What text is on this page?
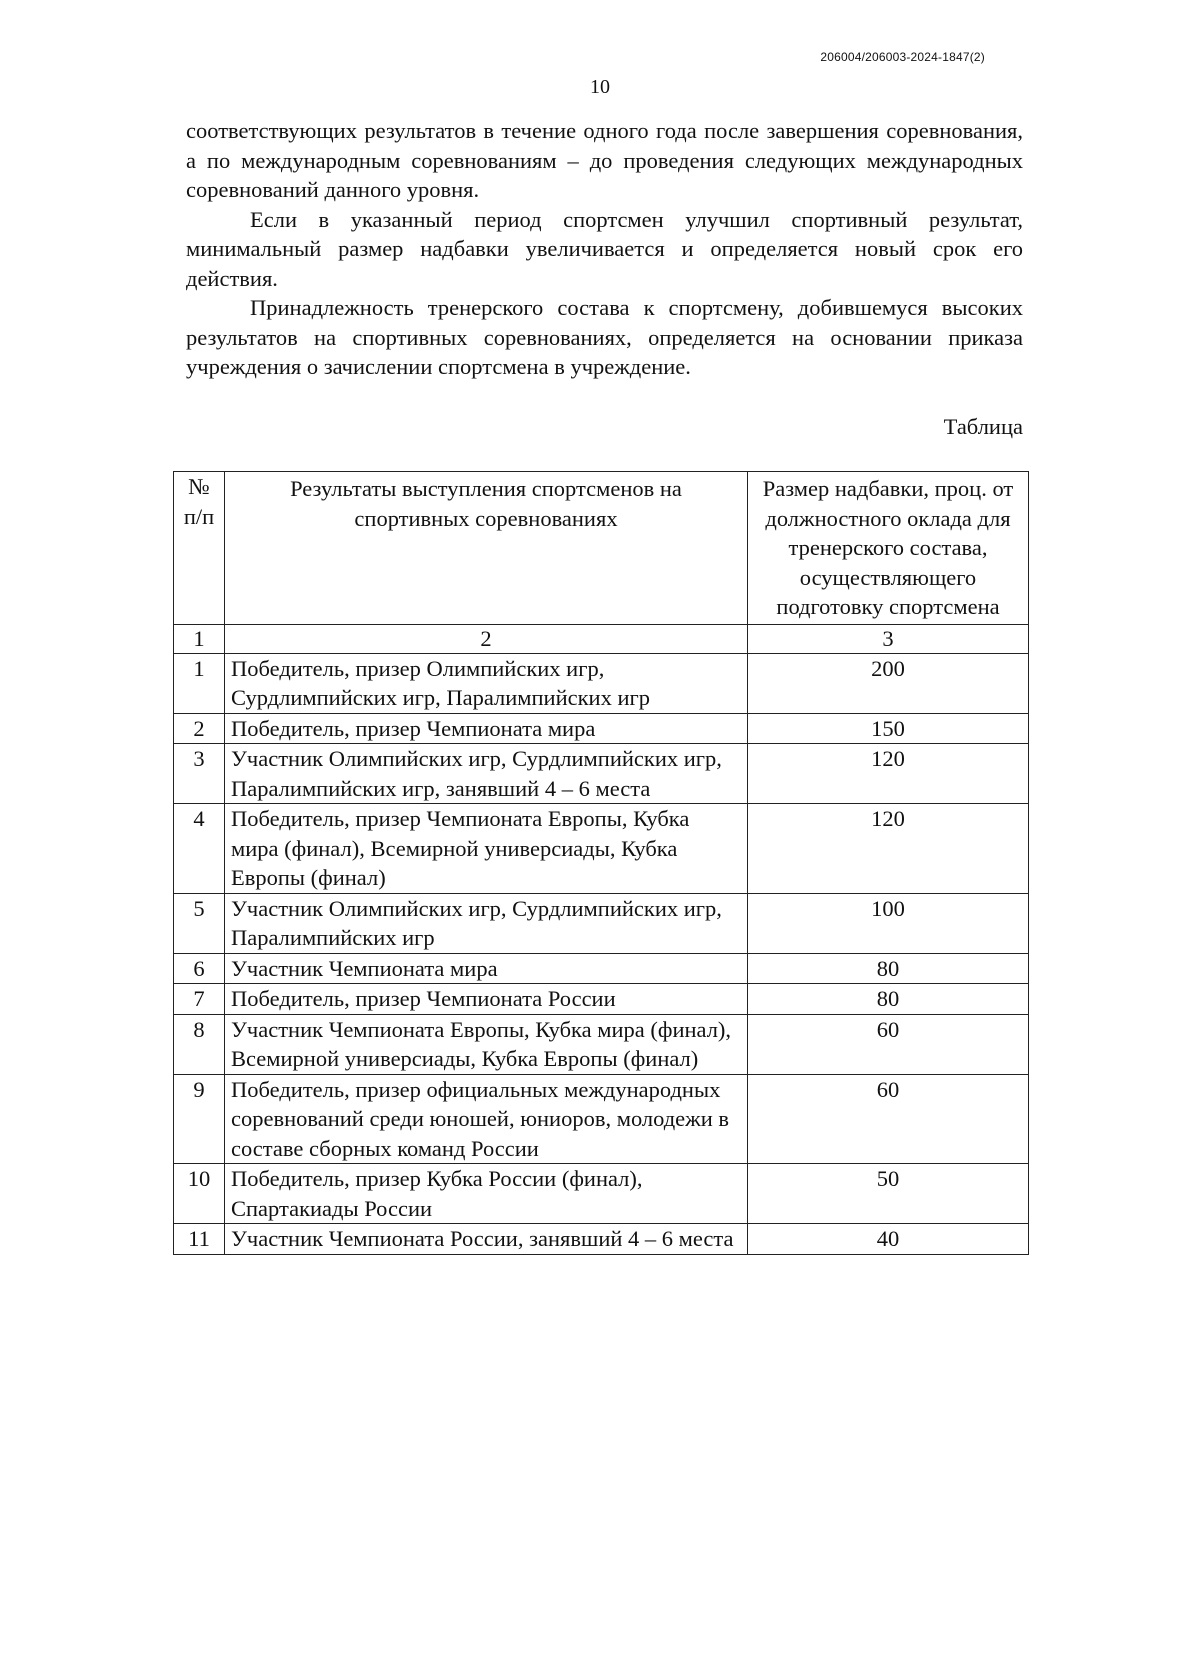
206004/206003-2024-1847(2)
10

соответствующих результатов в течение одного года после завершения соревнования, а по международным соревнованиям – до проведения следующих международных соревнований данного уровня.

Если в указанный период спортсмен улучшил спортивный результат, минимальный размер надбавки увеличивается и определяется новый срок его действия.

Принадлежность тренерского состава к спортсмену, добившемуся высоких результатов на спортивных соревнованиях, определяется на основании приказа учреждения о зачислении спортсмена в учреждение.

Таблица
№ п/п	Результаты выступления спортсменов на спортивных соревнованиях	Размер надбавки, проц. от должностного оклада для тренерского состава, осуществляющего подготовку спортсмена
1	2	3
1	Победитель, призер Олимпийских игр, Сурдлимпийских игр, Паралимпийских игр	200
2	Победитель, призер Чемпионата мира	150
3	Участник Олимпийских игр, Сурдлимпийских игр, Паралимпийских игр, занявший 4 – 6 места	120
4	Победитель, призер Чемпионата Европы, Кубка мира (финал), Всемирной универсиады, Кубка Европы (финал)	120
5	Участник Олимпийских игр, Сурдлимпийских игр, Паралимпийских игр	100
6	Участник Чемпионата мира	80
7	Победитель, призер Чемпионата России	80
8	Участник Чемпионата Европы, Кубка мира (финал), Всемирной универсиады, Кубка Европы (финал)	60
9	Победитель, призер официальных международных соревнований среди юношей, юниоров, молодежи в составе сборных команд России	60
10	Победитель, призер Кубка России (финал), Спартакиады России	50
11	Участник Чемпионата России, занявший 4 – 6 места	40
